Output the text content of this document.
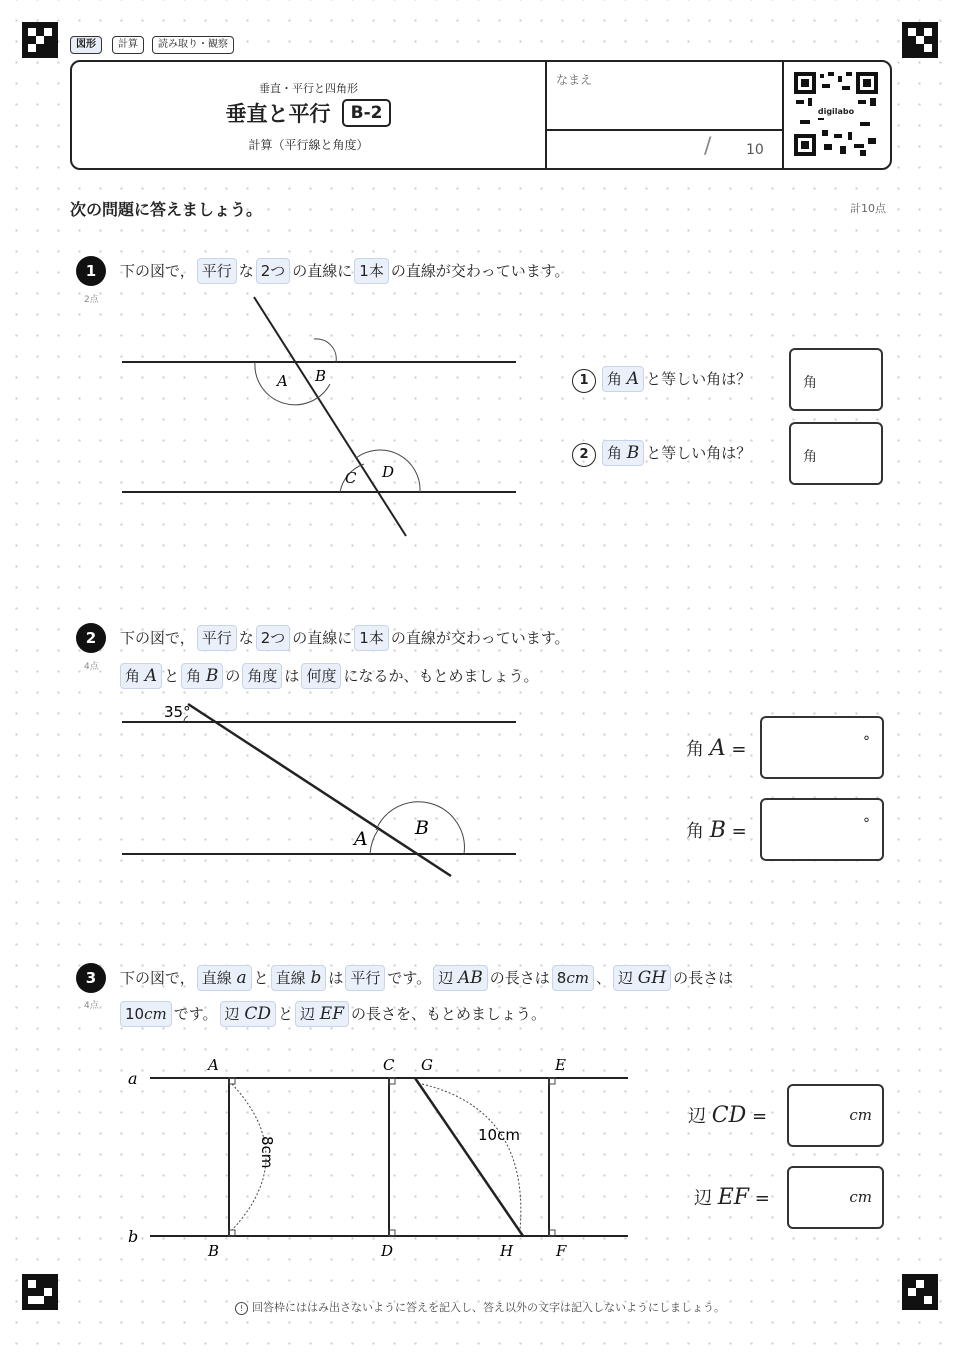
図形	計算	読み取り・観察
垂直・平行と四角形
垂直と平行 B-2
計算（平行線と角度）
なまえ
/ 10
digilabo
次の問題に答えましょう。	計10点
1
2点
下の図で， 平行 な 2つ の直線に 1本 の直線が交わっています。
A B
C D
1 角 A と等しい角は？	角
2 角 B と等しい角は？	角
2
4点
下の図で， 平行 な 2つ の直線に 1本 の直線が交わっています。
角 A と 角 B の 角度 は 何度 になるか、もとめましょう。
35°
A B
角 A =	°
角 B =	°
3
4点
下の図で， 直線 a と 直線 b は 平行 です。 辺 AB の長さは 8cm 、 辺 GH の長さは
10cm です。 辺 CD と 辺 EF の長さを、もとめましょう。
a
b
A
B
C
D
G
H
E
F
8cm
10cm
辺 CD =	cm
辺 EF =	cm
! 回答枠にははみ出さないように答えを記入し、答え以外の文字は記入しないようにしましょう。
